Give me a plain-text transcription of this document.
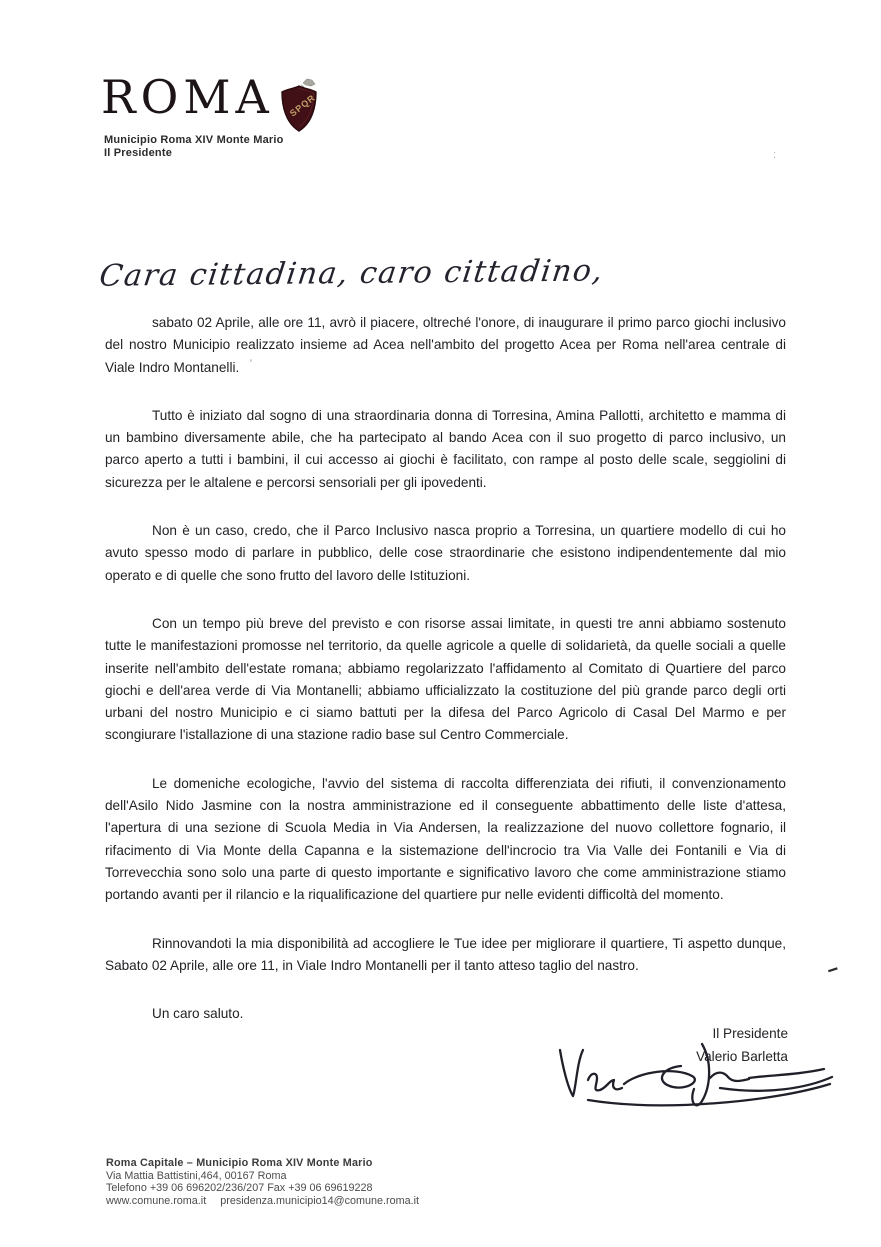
ROMA SPQR
Municipio Roma XIV Monte Mario
Il Presidente	:
’
➖︎
Cara cittadina, caro cittadino,

sabato 02 Aprile, alle ore 11, avrò il piacere, oltreché l'onore, di inaugurare il primo parco giochi inclusivo del nostro Municipio realizzato insieme ad Acea nell'ambito del progetto Acea per Roma nell'area centrale di Viale Indro Montanelli.

Tutto è iniziato dal sogno di una straordinaria donna di Torresina, Amina Pallotti, architetto e mamma di un bambino diversamente abile, che ha partecipato al bando Acea con il suo progetto di parco inclusivo, un parco aperto a tutti i bambini, il cui accesso ai giochi è facilitato, con rampe al posto delle scale, seggiolini di sicurezza per le altalene e percorsi sensoriali per gli ipovedenti.

Non è un caso, credo, che il Parco Inclusivo nasca proprio a Torresina, un quartiere modello di cui ho avuto spesso modo di parlare in pubblico, delle cose straordinarie che esistono indipendentemente dal mio operato e di quelle che sono frutto del lavoro delle Istituzioni.

Con un tempo più breve del previsto e con risorse assai limitate, in questi tre anni abbiamo sostenuto tutte le manifestazioni promosse nel territorio, da quelle agricole a quelle di solidarietà, da quelle sociali a quelle inserite nell'ambito dell'estate romana; abbiamo regolarizzato l'affidamento al Comitato di Quartiere del parco giochi e dell'area verde di Via Montanelli; abbiamo ufficializzato la costituzione del più grande parco degli orti urbani del nostro Municipio e ci siamo battuti per la difesa del Parco Agricolo di Casal Del Marmo e per scongiurare l'istallazione di una stazione radio base sul Centro Commerciale.

Le domeniche ecologiche, l'avvio del sistema di raccolta differenziata dei rifiuti, il convenzionamento dell'Asilo Nido Jasmine con la nostra amministrazione ed il conseguente abbattimento delle liste d'attesa, l'apertura di una sezione di Scuola Media in Via Andersen, la realizzazione del nuovo collettore fognario, il rifacimento di Via Monte della Capanna e la sistemazione dell'incrocio tra Via Valle dei Fontanili e Via di Torrevecchia sono solo una parte di questo importante e significativo lavoro che come amministrazione stiamo portando avanti per il rilancio e la riqualificazione del quartiere pur nelle evidenti difficoltà del momento.

Rinnovandoti la mia disponibilità ad accogliere le Tue idee per migliorare il quartiere, Ti aspetto dunque, Sabato 02 Aprile, alle ore 11, in Viale Indro Montanelli per il tanto atteso taglio del nastro.

Un caro saluto.

Il Presidente
Valerio Barletta
Roma Capitale – Municipio Roma XIV Monte Mario
Via Mattia Battistini,464, 00167 Roma
Telefono +39 06 696202/236/207 Fax +39 06 69619228
www.comune.roma.it presidenza.municipio14@comune.roma.it
